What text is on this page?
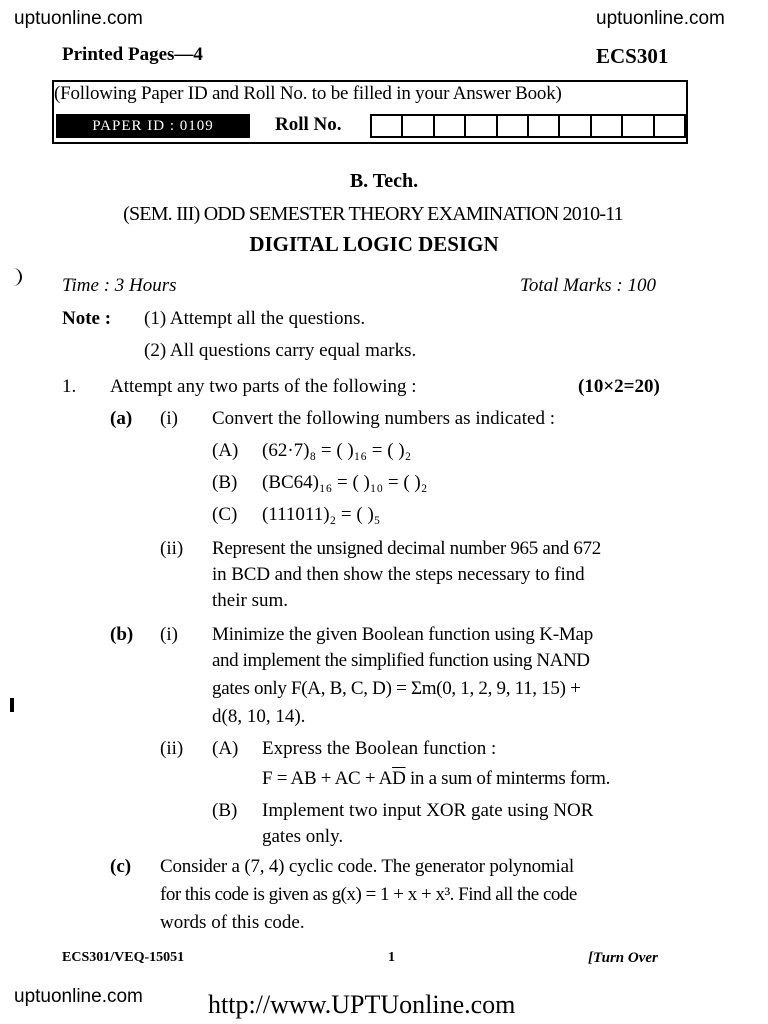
uptuonline.com	uptuonline.com
uptuonline.com	http://www.UPTUonline.com
Printed Pages—4	ECS301
(Following Paper ID and Roll No. to be filled in your Answer Book)
PAPER ID : 0109	Roll No.
B. Tech.
(SEM. III) ODD SEMESTER THEORY EXAMINATION 2010-11
DIGITAL LOGIC DESIGN
Time : 3 Hours	Total Marks : 100
Note : (1) Attempt all the questions.
(2) All questions carry equal marks.
1. Attempt any two parts of the following :	(10×2=20)
(a) (i) Convert the following numbers as indicated :
(A) (62·7)₈ = ( )₁₆ = ( )₂
(B) (BC64)₁₆ = ( )₁₀ = ( )₂
(C) (111011)₂ = ( )₅
(ii) Represent the unsigned decimal number 965 and 672
in BCD and then show the steps necessary to find
their sum.
(b) (i) Minimize the given Boolean function using K-Map
and implement the simplified function using NAND
gates only F(A, B, C, D) = Σm(0, 1, 2, 9, 11, 15) +
d(8, 10, 14).
(ii) (A) Express the Boolean function :
F = AB + AC + $A\overline{D}$ in a sum of minterms form.
(B) Implement two input XOR gate using NOR
gates only.
(c) Consider a (7, 4) cyclic code. The generator polynomial
for this code is given as g(x) = 1 + x + x³. Find all the code
words of this code.
ECS301/VEQ-15051	1	[Turn Over
